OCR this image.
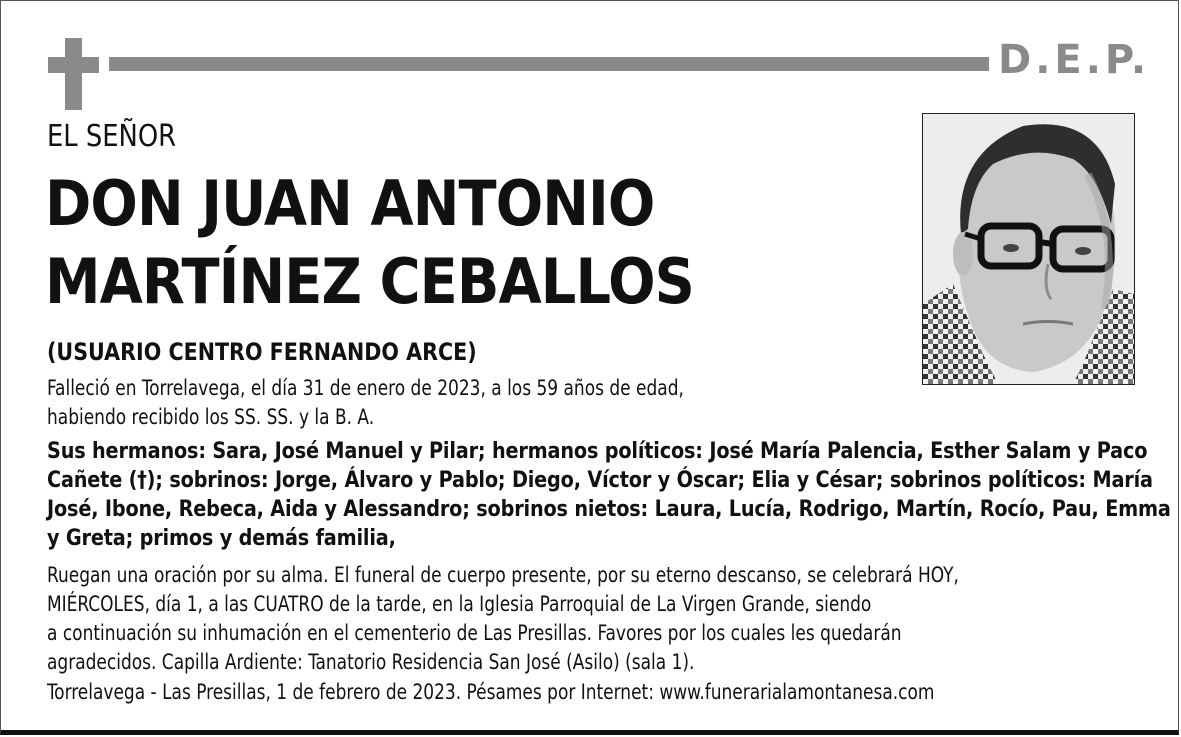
D.E.P.
EL SEÑOR
DON JUAN ANTONIO
MARTÍNEZ CEBALLOS
(USUARIO CENTRO FERNANDO ARCE)
Falleció en Torrelavega, el día 31 de enero de 2023, a los 59 años de edad,
habiendo recibido los SS. SS. y la B. A.
Sus hermanos: Sara, José Manuel y Pilar; hermanos políticos: José María Palencia, Esther Salam y Paco
Cañete (†); sobrinos: Jorge, Álvaro y Pablo; Diego, Víctor y Óscar; Elia y César; sobrinos políticos: María
José, Ibone, Rebeca, Aida y Alessandro; sobrinos nietos: Laura, Lucía, Rodrigo, Martín, Rocío, Pau, Emma
y Greta; primos y demás familia,
Ruegan una oración por su alma. El funeral de cuerpo presente, por su eterno descanso, se celebrará HOY,
MIÉRCOLES, día 1, a las CUATRO de la tarde, en la Iglesia Parroquial de La Virgen Grande, siendo
a continuación su inhumación en el cementerio de Las Presillas. Favores por los cuales les quedarán
agradecidos. Capilla Ardiente: Tanatorio Residencia San José (Asilo) (sala 1).
Torrelavega - Las Presillas, 1 de febrero de 2023. Pésames por Internet: www.funerarialamontanesa.com
